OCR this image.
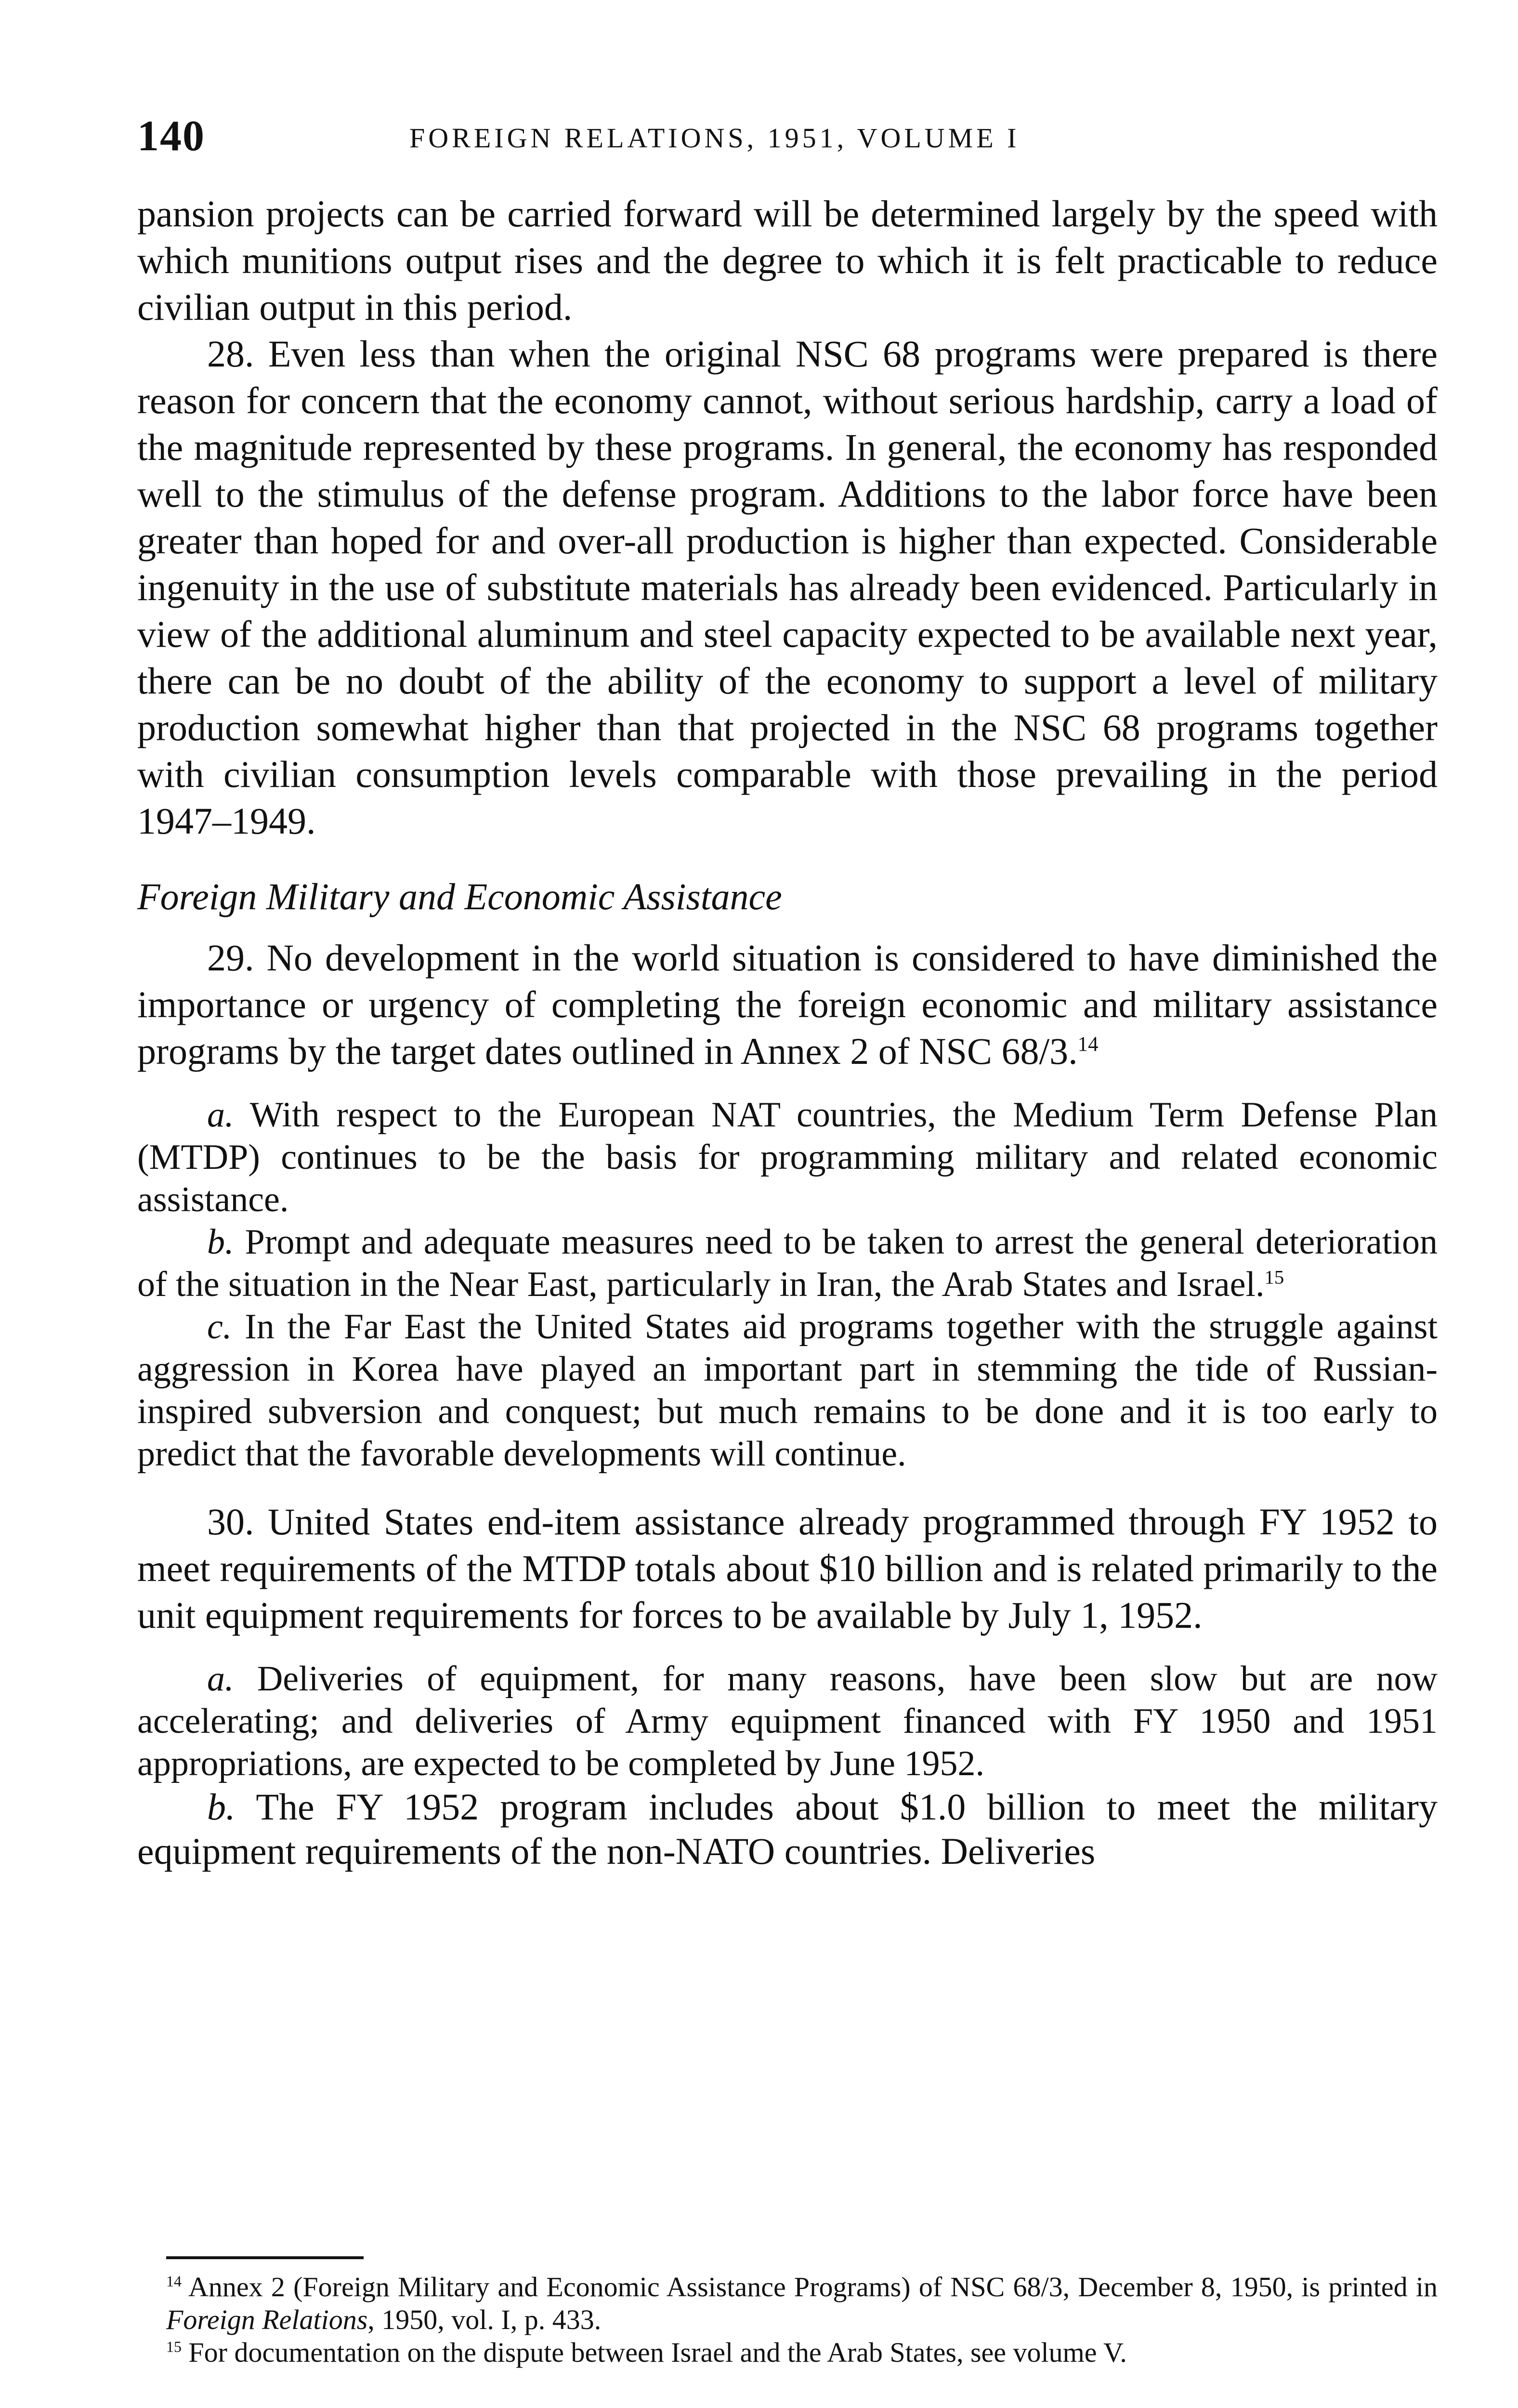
140	FOREIGN RELATIONS, 1951, VOLUME I

pansion projects can be carried forward will be determined largely by the speed with which munitions output rises and the degree to which it is felt practicable to reduce civilian output in this period.

28. Even less than when the original NSC 68 programs were prepared is there reason for concern that the economy cannot, without serious hardship, carry a load of the magnitude represented by these programs. In general, the economy has responded well to the stimulus of the defense program. Additions to the labor force have been greater than hoped for and over-all production is higher than expected. Considerable ingenuity in the use of substitute materials has already been evidenced. Particularly in view of the additional aluminum and steel capacity expected to be available next year, there can be no doubt of the ability of the economy to support a level of military production somewhat higher than that projected in the NSC 68 programs together with civilian consumption levels comparable with those prevailing in the period 1947–1949.

Foreign Military and Economic Assistance

29. No development in the world situation is considered to have diminished the importance or urgency of completing the foreign economic and military assistance programs by the target dates outlined in Annex 2 of NSC 68/3.14

a. With respect to the European NAT countries, the Medium Term Defense Plan (MTDP) continues to be the basis for programming military and related economic assistance.

b. Prompt and adequate measures need to be taken to arrest the general deterioration of the situation in the Near East, particularly in Iran, the Arab States and Israel.$^{15}$

c. In the Far East the United States aid programs together with the struggle against aggression in Korea have played an important part in stemming the tide of Russian-inspired subversion and conquest; but much remains to be done and it is too early to predict that the favorable developments will continue.

30. United States end-item assistance already programmed through FY 1952 to meet requirements of the MTDP totals about $10 billion and is related primarily to the unit equipment requirements for forces to be available by July 1, 1952.

a. Deliveries of equipment, for many reasons, have been slow but are now accelerating; and deliveries of Army equipment financed with FY 1950 and 1951 appropriations, are expected to be completed by June 1952.

b. The FY 1952 program includes about $1.0 billion to meet the military equipment requirements of the non-NATO countries. Deliveries

$^{14}$ Annex 2 (Foreign Military and Economic Assistance Programs) of NSC 68/3, December 8, 1950, is printed in Foreign Relations, 1950, vol. I, p. 433.

$^{15}$ For documentation on the dispute between Israel and the Arab States, see volume V.
